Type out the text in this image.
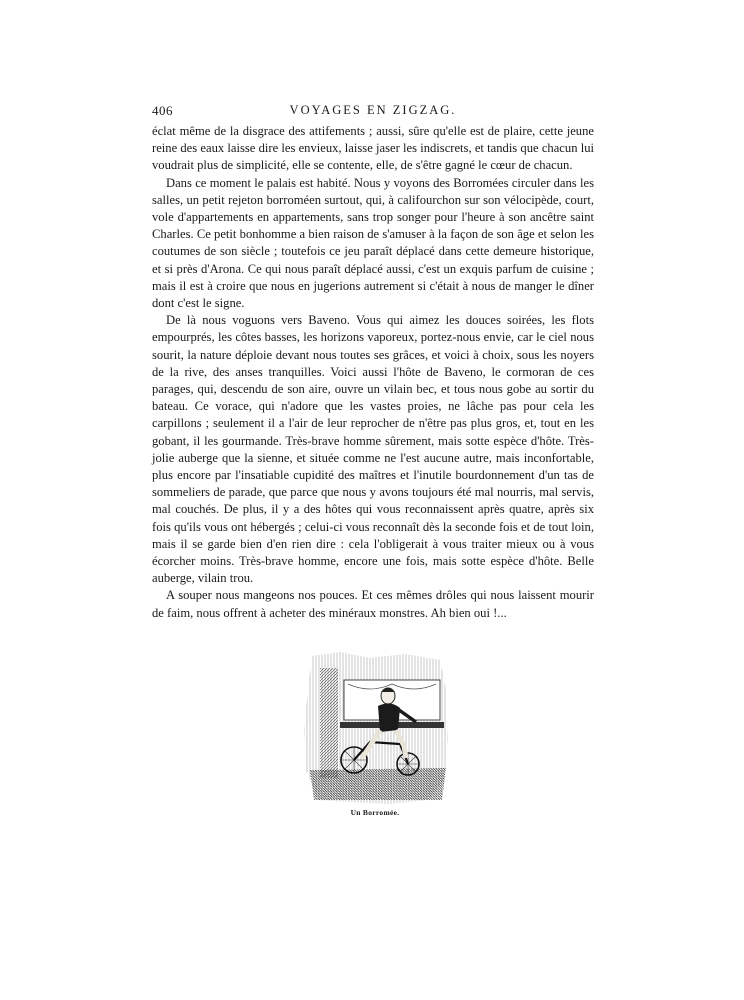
406	VOYAGES EN ZIGZAG.

éclat même de la disgrace des attifements ; aussi, sûre qu'elle est de plaire, cette jeune reine des eaux laisse dire les envieux, laisse jaser les indiscrets, et tandis que chacun lui voudrait plus de simplicité, elle se contente, elle, de s'être gagné le cœur de chacun.

Dans ce moment le palais est habité. Nous y voyons des Borromées circuler dans les salles, un petit rejeton borroméen surtout, qui, à califourchon sur son vélocipède, court, vole d'appartements en appartements, sans trop songer pour l'heure à son ancêtre saint Charles. Ce petit bonhomme a bien raison de s'amuser à la façon de son âge et selon les coutumes de son siècle ; toutefois ce jeu paraît déplacé dans cette demeure historique, et si près d'Arona. Ce qui nous paraît déplacé aussi, c'est un exquis parfum de cuisine ; mais il est à croire que nous en jugerions autrement si c'était à nous de manger le dîner dont c'est le signe.

De là nous voguons vers Baveno. Vous qui aimez les douces soirées, les flots empourprés, les côtes basses, les horizons vaporeux, portez-nous envie, car le ciel nous sourit, la nature déploie devant nous toutes ses grâces, et voici à choix, sous les noyers de la rive, des anses tranquilles. Voici aussi l'hôte de Baveno, le cormoran de ces parages, qui, descendu de son aire, ouvre un vilain bec, et tous nous gobe au sortir du bateau. Ce vorace, qui n'adore que les vastes proies, ne lâche pas pour cela les carpillons ; seulement il a l'air de leur reprocher de n'être pas plus gros, et, tout en les gobant, il les gourmande. Très-brave homme sûrement, mais sotte espèce d'hôte. Très-jolie auberge que la sienne, et située comme ne l'est aucune autre, mais inconfortable, plus encore par l'insatiable cupidité des maîtres et l'inutile bourdonnement d'un tas de sommeliers de parade, que parce que nous y avons toujours été mal nourris, mal servis, mal couchés. De plus, il y a des hôtes qui vous reconnaissent après quatre, après six fois qu'ils vous ont hébergés ; celui-ci vous reconnaît dès la seconde fois et de tout loin, mais il se garde bien d'en rien dire : cela l'obligerait à vous traiter mieux ou à vous écorcher moins. Très-brave homme, encore une fois, mais sotte espèce d'hôte. Belle auberge, vilain trou.

A souper nous mangeons nos pouces. Et ces mêmes drôles qui nous laissent mourir de faim, nous offrent à acheter des minéraux monstres. Ah bien oui !...

Un Borromée.
